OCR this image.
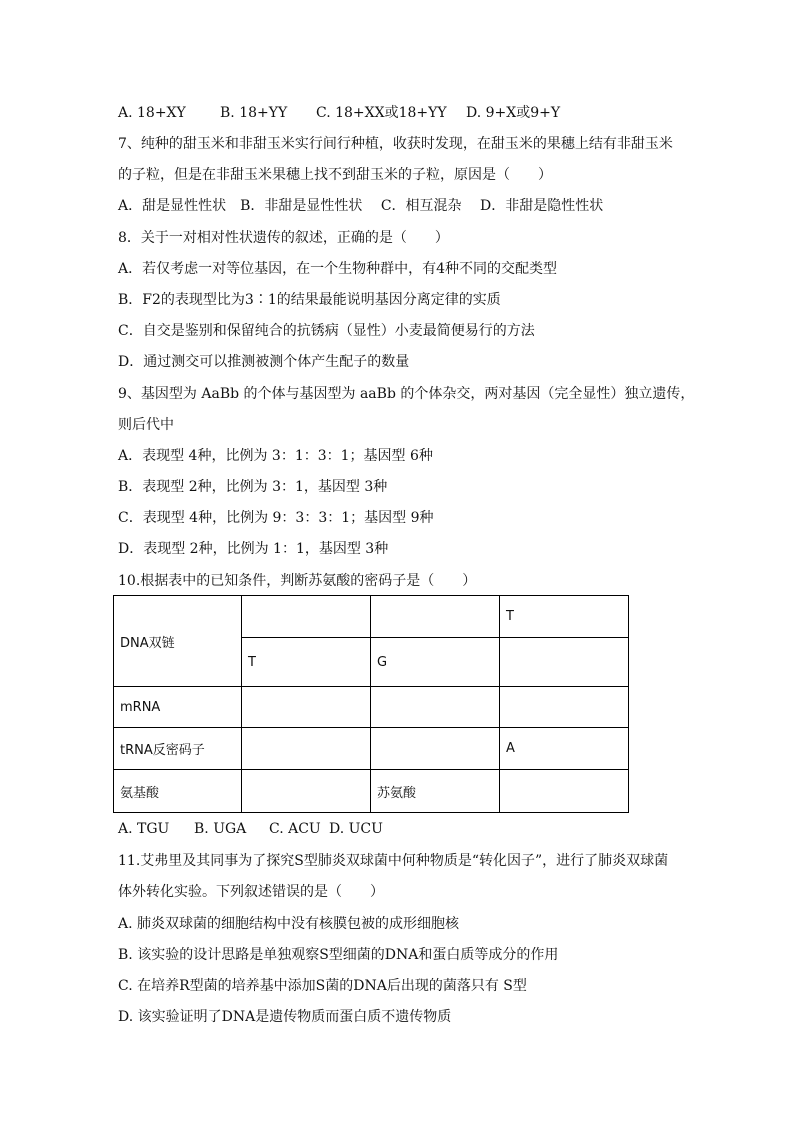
A. 18+XY B. 18+YY C. 18+XX或18+YY D. 9+X或9+Y
7、纯种的甜玉米和非甜玉米实行间行种植，收获时发现，在甜玉米的果穗上结有非甜玉米
的子粒，但是在非甜玉米果穗上找不到甜玉米的子粒，原因是（　　）
A．甜是显性性状　B．非甜是显性性状　 C．相互混杂　 D．非甜是隐性性状
8．关于一对相对性状遗传的叙述，正确的是（　　）
A．若仅考虑一对等位基因，在一个生物种群中，有4种不同的交配类型
B．F2的表现型比为3∶1的结果最能说明基因分离定律的实质
C．自交是鉴别和保留纯合的抗锈病（显性）小麦最简便易行的方法
D．通过测交可以推测被测个体产生配子的数量
9、基因型为 AaBb 的个体与基因型为 aaBb 的个体杂交，两对基因（完全显性）独立遗传，
则后代中
A．表现型 4种，比例为 3：1：3：1；基因型 6种
B．表现型 2种，比例为 3：1，基因型 3种
C．表现型 4种，比例为 9：3：3：1；基因型 9种
D．表现型 2种，比例为 1：1，基因型 3种
10.根据表中的已知条件，判断苏氨酸的密码子是（　　）
DNA双链			T
	T	G	
mRNA			
tRNA反密码子			A
氨基酸		苏氨酸	
A. TGU B. UGA C. ACU D. UCU
11.艾弗里及其同事为了探究S型肺炎双球菌中何种物质是“转化因子”，进行了肺炎双球菌
体外转化实验。下列叙述错误的是（　　）
A. 肺炎双球菌的细胞结构中没有核膜包被的成形细胞核
B. 该实验的设计思路是单独观察S型细菌的DNA和蛋白质等成分的作用
C. 在培养R型菌的培养基中添加S菌的DNA后出现的菌落只有 S型
D. 该实验证明了DNA是遗传物质而蛋白质不遗传物质
